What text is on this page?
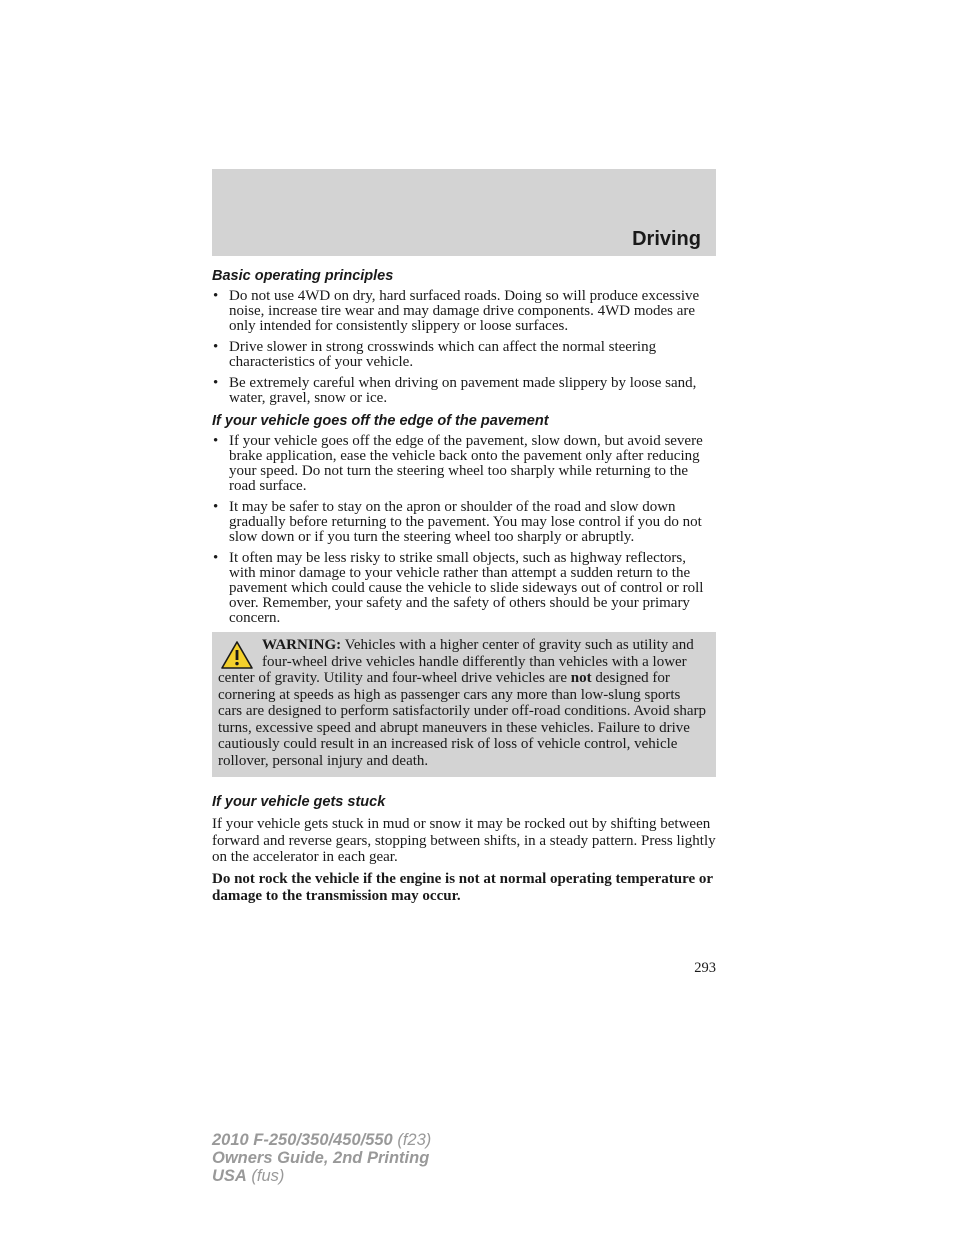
Driving
Basic operating principles
• Do not use 4WD on dry, hard surfaced roads. Doing so will produce excessive noise, increase tire wear and may damage drive components. 4WD modes are only intended for consistently slippery or loose surfaces.
• Drive slower in strong crosswinds which can affect the normal steering characteristics of your vehicle.
• Be extremely careful when driving on pavement made slippery by loose sand, water, gravel, snow or ice.
If your vehicle goes off the edge of the pavement
• If your vehicle goes off the edge of the pavement, slow down, but avoid severe brake application, ease the vehicle back onto the pavement only after reducing your speed. Do not turn the steering wheel too sharply while returning to the road surface.
• It may be safer to stay on the apron or shoulder of the road and slow down gradually before returning to the pavement. You may lose control if you do not slow down or if you turn the steering wheel too sharply or abruptly.
• It often may be less risky to strike small objects, such as highway reflectors, with minor damage to your vehicle rather than attempt a sudden return to the pavement which could cause the vehicle to slide sideways out of control or roll over. Remember, your safety and the safety of others should be your primary concern.

WARNING: Vehicles with a higher center of gravity such as utility and four-wheel drive vehicles handle differently than vehicles with a lower center of gravity. Utility and four-wheel drive vehicles are not designed for cornering at speeds as high as passenger cars any more than low-slung sports cars are designed to perform satisfactorily under off-road conditions. Avoid sharp turns, excessive speed and abrupt maneuvers in these vehicles. Failure to drive cautiously could result in an increased risk of loss of vehicle control, vehicle rollover, personal injury and death.

If your vehicle gets stuck

If your vehicle gets stuck in mud or snow it may be rocked out by shifting between forward and reverse gears, stopping between shifts, in a steady pattern. Press lightly on the accelerator in each gear.

Do not rock the vehicle if the engine is not at normal operating temperature or damage to the transmission may occur.

293
2010 F-250/350/450/550 (f23)
Owners Guide, 2nd Printing
USA (fus)
